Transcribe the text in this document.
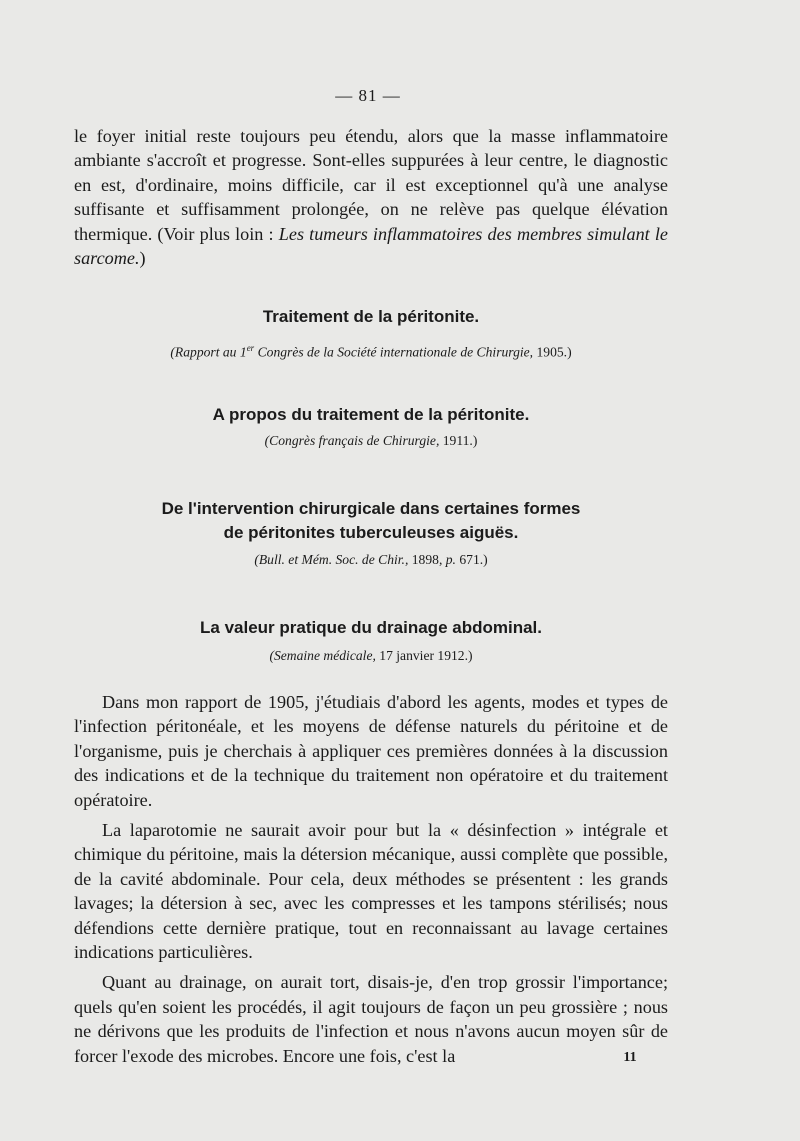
— 81 —

le foyer initial reste toujours peu étendu, alors que la masse inflammatoire ambiante s'accroît et progresse. Sont-elles suppurées à leur centre, le diagnostic en est, d'ordinaire, moins difficile, car il est exceptionnel qu'à une analyse suffisante et suffisamment prolongée, on ne relève pas quelque élévation thermique. (Voir plus loin : Les tumeurs inflammatoires des membres simulant le sarcome.)

Traitement de la péritonite.
(Rapport au 1er Congrès de la Société internationale de Chirurgie, 1905.)
A propos du traitement de la péritonite.
(Congrès français de Chirurgie, 1911.)
De l'intervention chirurgicale dans certaines formes
de péritonites tuberculeuses aiguës.
(Bull. et Mém. Soc. de Chir., 1898, p. 671.)
La valeur pratique du drainage abdominal.
(Semaine médicale, 17 janvier 1912.)

Dans mon rapport de 1905, j'étudiais d'abord les agents, modes et types de l'infection péritonéale, et les moyens de défense naturels du péritoine et de l'organisme, puis je cherchais à appliquer ces premières données à la discussion des indications et de la technique du traitement non opératoire et du traitement opératoire.

La laparotomie ne saurait avoir pour but la « désinfection » intégrale et chimique du péritoine, mais la détersion mécanique, aussi complète que possible, de la cavité abdominale. Pour cela, deux méthodes se présentent : les grands lavages; la détersion à sec, avec les compresses et les tampons stérilisés; nous défendions cette dernière pratique, tout en reconnaissant au lavage certaines indications particulières.

Quant au drainage, on aurait tort, disais-je, d'en trop grossir l'importance; quels qu'en soient les procédés, il agit toujours de façon un peu grossière ; nous ne dérivons que les produits de l'infection et nous n'avons aucun moyen sûr de forcer l'exode des microbes. Encore une fois, c'est la	11
